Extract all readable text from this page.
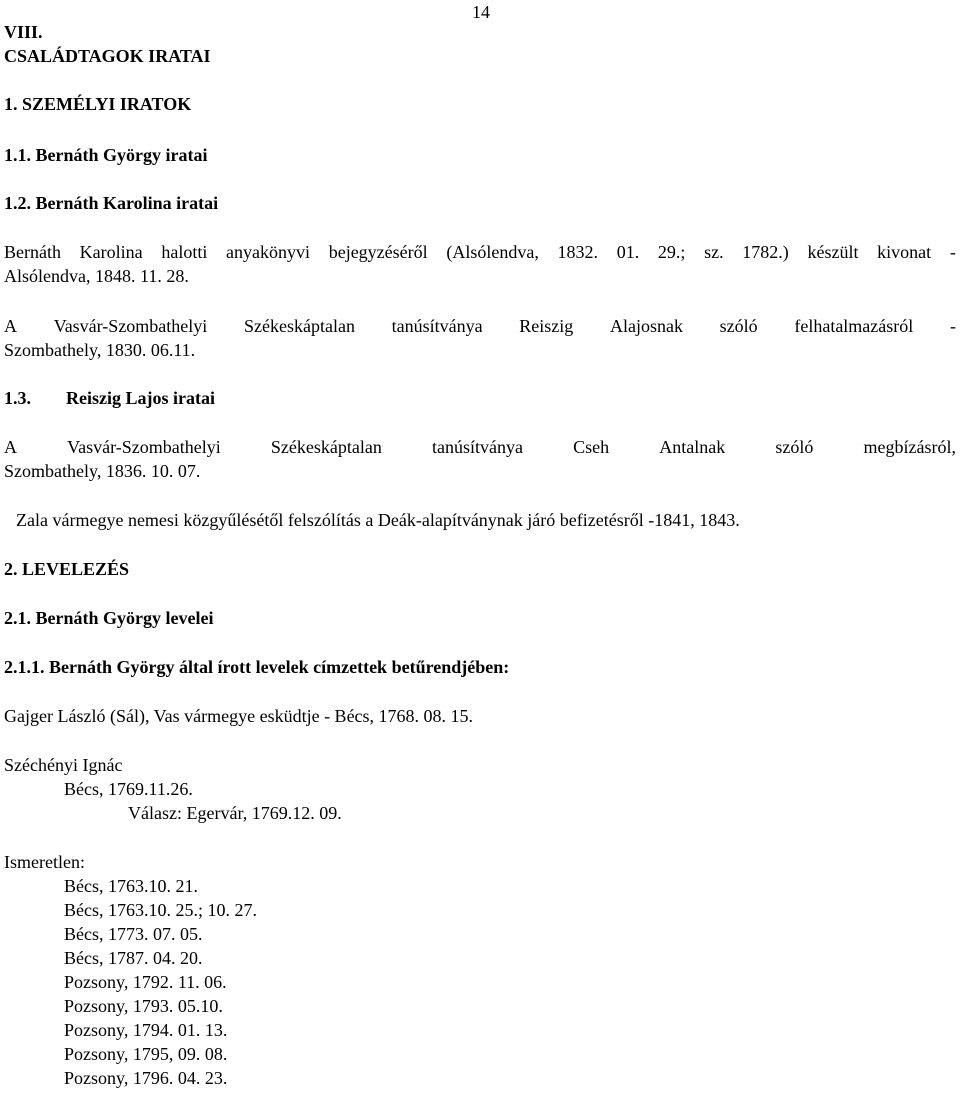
14
VIII.
CSALÁDTAGOK IRATAI
1. SZEMÉLYI IRATOK
1.1. Bernáth György iratai
1.2. Bernáth Karolina iratai
Bernáth Karolina halotti anyakönyvi bejegyzéséről (Alsólendva, 1832. 01. 29.; sz. 1782.) készült kivonat -
Alsólendva, 1848. 11. 28.
A Vasvár-Szombathelyi Székeskáptalan tanúsítványa Reiszig Alajosnak szóló felhatalmazásról -
Szombathely, 1830. 06.11.
1.3. Reiszig Lajos iratai
A	Vasvár-Szombathelyi	Székeskáptalan	tanúsítványa	Cseh	Antalnak	szóló	megbízásról,
Szombathely, 1836. 10. 07.
Zala vármegye nemesi közgyűlésétől felszólítás a Deák-alapítványnak járó befizetésről -1841, 1843.
2. LEVELEZÉS
2.1. Bernáth György levelei
2.1.1. Bernáth György által írott levelek címzettek betűrendjében:
Gajger László (Sál), Vas vármegye esküdtje - Bécs, 1768. 08. 15.
Széchényi Ignác
Bécs, 1769.11.26.
Válasz: Egervár, 1769.12. 09.
Ismeretlen:
Bécs, 1763.10. 21.
Bécs, 1763.10. 25.; 10. 27.
Bécs, 1773. 07. 05.
Bécs, 1787. 04. 20.
Pozsony, 1792. 11. 06.
Pozsony, 1793. 05.10.
Pozsony, 1794. 01. 13.
Pozsony, 1795, 09. 08.
Pozsony, 1796. 04. 23.
